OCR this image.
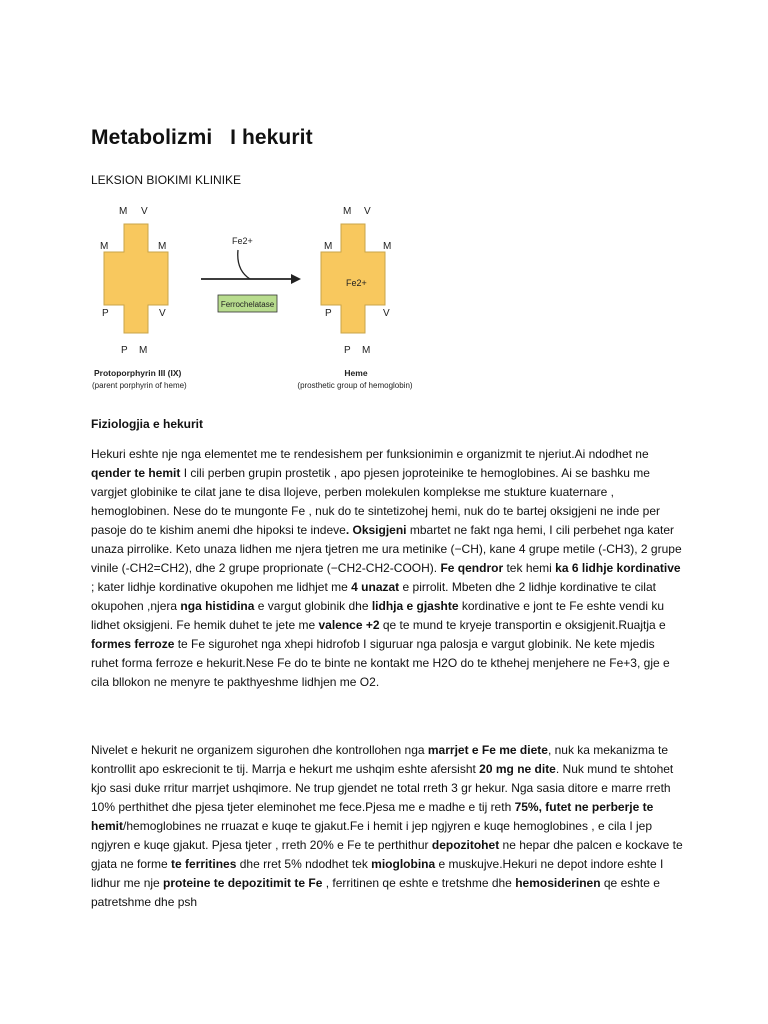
Metabolizmi   I hekurit
LEKSION BIOKIMI KLINIKE
M V
M	M
P	V
P M
Protoporphyrin III (IX)
(parent porphyrin of heme)
Fe2+
Ferrochelatase
Fe2+
M V
M	M
P	V
P M
Heme
(prosthetic group of hemoglobin)
Fiziologjia e hekurit

Hekuri eshte nje nga elementet me te rendesishem per funksionimin e organizmit te njeriut.Ai ndodhet ne qender te hemit I cili perben grupin prostetik , apo pjesen joproteinike te hemoglobines. Ai se bashku me vargjet globinike te cilat jane te disa llojeve, perben molekulen komplekse me stukture kuaternare , hemoglobinen. Nese do te mungonte Fe , nuk do te sintetizohej hemi, nuk do te bartej oksigjeni ne inde per pasoje do te kishim anemi dhe hipoksi te indeve. Oksigjeni mbartet ne fakt nga hemi, I cili perbehet nga kater unaza pirrolike. Keto unaza lidhen me njera tjetren me ura metinike (−CH), kane 4 grupe metile (-CH3), 2 grupe vinile (-CH2=CH2), dhe 2 grupe proprionate (−CH2-CH2-COOH). Fe qendror tek hemi ka 6 lidhje kordinative ; kater lidhje kordinative okupohen me lidhjet me 4 unazat e pirrolit. Mbeten dhe 2 lidhje kordinative te cilat okupohen ,njera nga histidina e vargut globinik dhe lidhja e gjashte kordinative e jont te Fe eshte vendi ku lidhet oksigjeni. Fe hemik duhet te jete me valence +2 qe te mund te kryeje transportin e oksigjenit.Ruajtja e formes ferroze te Fe sigurohet nga xhepi hidrofob I siguruar nga palosja e vargut globinik. Ne kete mjedis ruhet forma ferroze e hekurit.Nese Fe do te binte ne kontakt me H2O do te kthehej menjehere ne Fe+3, gje e cila bllokon ne menyre te pakthyeshme lidhjen me O2.

Nivelet e hekurit ne organizem sigurohen dhe kontrollohen nga marrjet e Fe me diete, nuk ka mekanizma te kontrollit apo eskrecionit te tij. Marrja e hekurt me ushqim eshte afersisht 20 mg ne dite. Nuk mund te shtohet kjo sasi duke rritur marrjet ushqimore. Ne trup gjendet ne total rreth 3 gr hekur. Nga sasia ditore e marre rreth 10% perthithet dhe pjesa tjeter eleminohet me fece.Pjesa me e madhe e tij reth 75%, futet ne perberje te hemit/hemoglobines ne rruazat e kuqe te gjakut.Fe i hemit i jep ngjyren e kuqe hemoglobines , e cila I jep ngjyren e kuqe gjakut. Pjesa tjeter , rreth 20% e Fe te perthithur depozitohet ne hepar dhe palcen e kockave te gjata ne forme te ferritines dhe rret 5% ndodhet tek mioglobina e muskujve.Hekuri ne depot indore eshte I lidhur me nje proteine te depozitimit te Fe , ferritinen qe eshte e tretshme dhe hemosiderinen qe eshte e patretshme dhe psh
